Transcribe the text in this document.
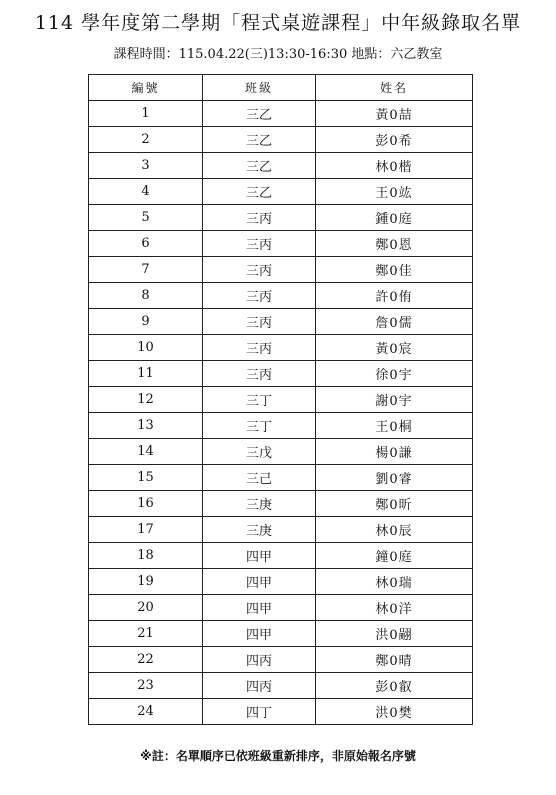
114 學年度第二學期「程式桌遊課程」中年級錄取名單
課程時間：115.04.22(三)13:30-16:30 地點：六乙教室
編號	班級	姓名
1	三乙	黃0喆
2	三乙	彭0希
3	三乙	林0楷
4	三乙	王0竑
5	三丙	鍾0庭
6	三丙	鄭0恩
7	三丙	鄭0佳
8	三丙	許0侑
9	三丙	詹0儒
10	三丙	黃0宸
11	三丙	徐0宇
12	三丁	謝0宇
13	三丁	王0桐
14	三戊	楊0謙
15	三己	劉0睿
16	三庚	鄭0昕
17	三庚	林0辰
18	四甲	鐘0庭
19	四甲	林0瑞
20	四甲	林0洋
21	四甲	洪0翤
22	四丙	鄭0晴
23	四丙	彭0叡
24	四丁	洪0樊
※註：名單順序已依班級重新排序，非原始報名序號
